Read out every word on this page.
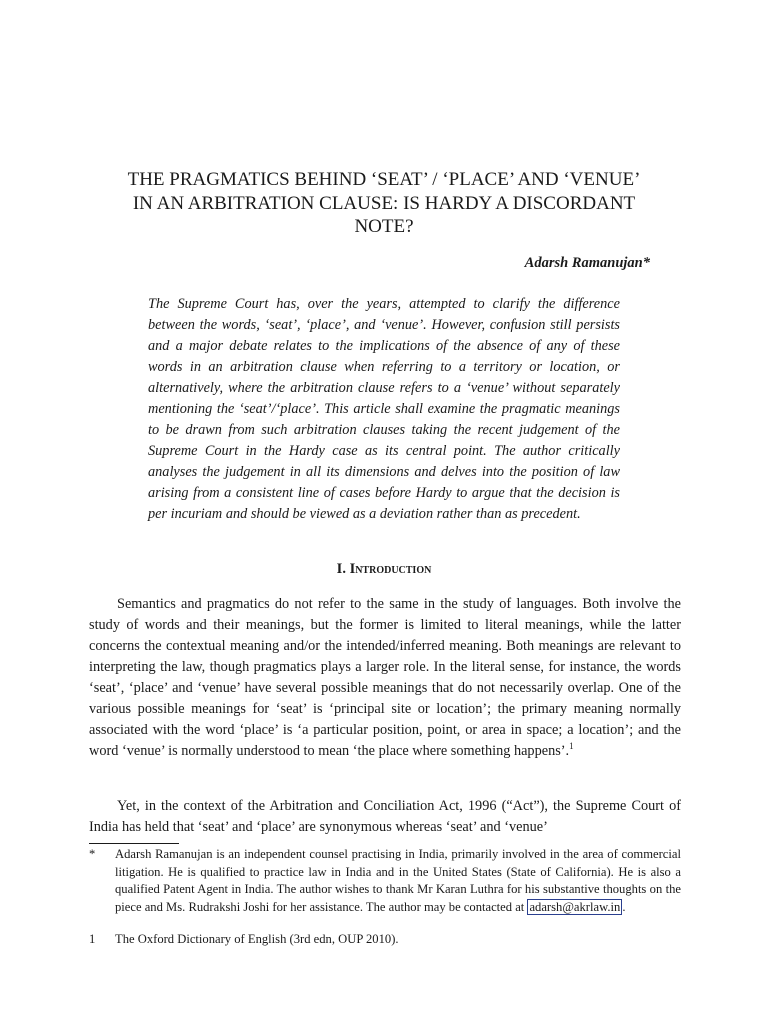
THE PRAGMATICS BEHIND ‘SEAT’ / ‘PLACE’ AND ‘VENUE’ IN AN ARBITRATION CLAUSE: IS HARDY A DISCORDANT NOTE?
Adarsh Ramanujan*
The Supreme Court has, over the years, attempted to clarify the difference between the words, ‘seat’, ‘place’, and ‘venue’. However, confusion still persists and a major debate relates to the implications of the absence of any of these words in an arbitration clause when referring to a territory or location, or alternatively, where the arbitration clause refers to a ‘venue’ without separately mentioning the ‘seat’/‘place’. This article shall examine the pragmatic meanings to be drawn from such arbitration clauses taking the recent judgement of the Supreme Court in the Hardy case as its central point. The author critically analyses the judgement in all its dimensions and delves into the position of law arising from a consistent line of cases before Hardy to argue that the decision is per incuriam and should be viewed as a deviation rather than as precedent.
I. Introduction
Semantics and pragmatics do not refer to the same in the study of languages. Both involve the study of words and their meanings, but the former is limited to literal meanings, while the latter concerns the contextual meaning and/or the intended/inferred meaning. Both meanings are relevant to interpreting the law, though pragmatics plays a larger role. In the literal sense, for instance, the words ‘seat’, ‘place’ and ‘venue’ have several possible meanings that do not necessarily overlap. One of the various possible meanings for ‘seat’ is ‘principal site or location’; the primary meaning normally associated with the word ‘place’ is ‘a particular position, point, or area in space; a location’; and the word ‘venue’ is normally understood to mean ‘the place where something happens’.$^1$
Yet, in the context of the Arbitration and Conciliation Act, 1996 (“Act”), the Supreme Court of India has held that ‘seat’ and ‘place’ are synonymous whereas ‘seat’ and ‘venue’
* Adarsh Ramanujan is an independent counsel practising in India, primarily involved in the area of commercial litigation. He is qualified to practice law in India and in the United States (State of California). He is also a qualified Patent Agent in India. The author wishes to thank Mr Karan Luthra for his substantive thoughts on the piece and Ms. Rudrakshi Joshi for her assistance. The author may be contacted at adarsh@akrlaw.in .
1 The Oxford Dictionary of English (3rd edn, OUP 2010).
